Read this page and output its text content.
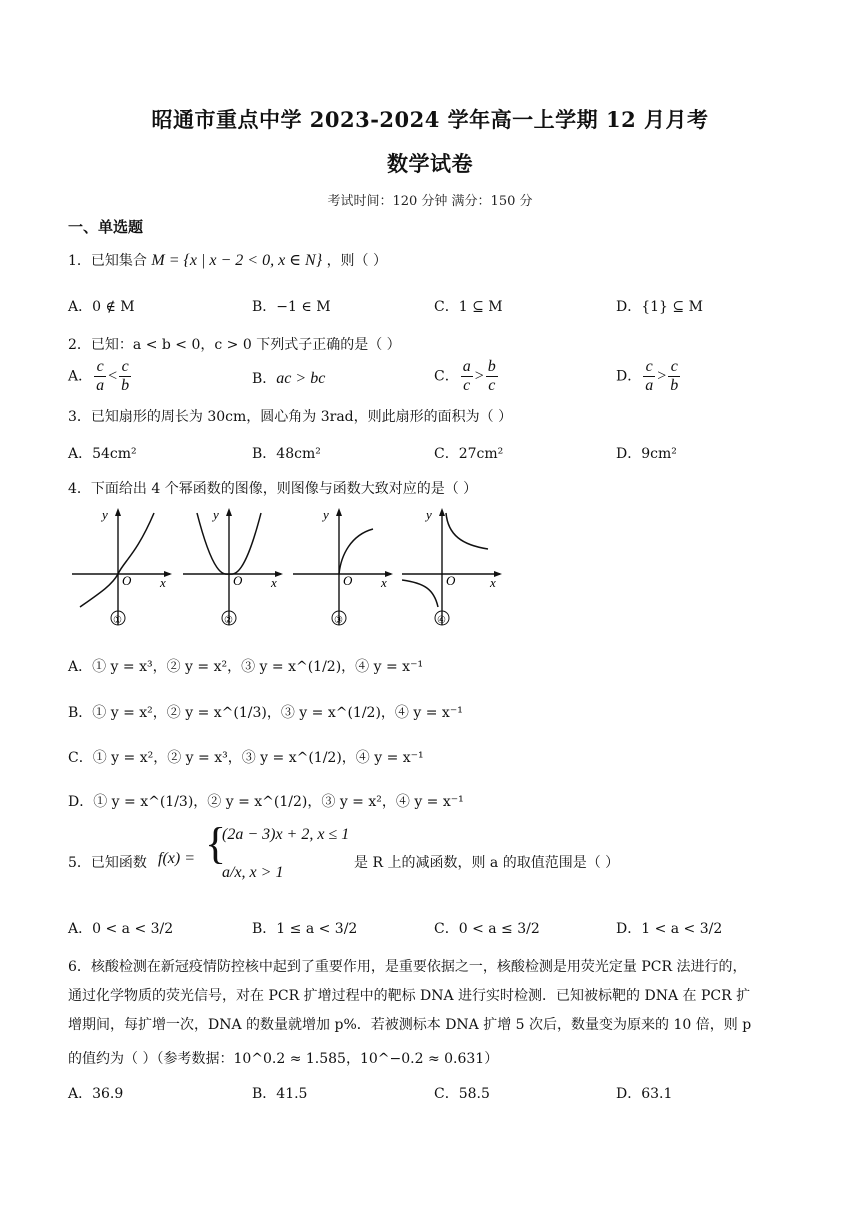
昭通市重点中学 2023-2024 学年高一上学期 12 月月考
数学试卷
考试时间：120 分钟 满分：150 分
一、单选题
1．已知集合 M = {x | x − 2 < 0, x ∈ N} ，则（ ）
A．0 ∉ M	B．−1 ∈ M	C．1 ⊆ M	D．{1} ⊆ M
2．已知：a < b < 0，c > 0 下列式子正确的是（ ）
A． $\frac{c}{a} < \frac{c}{b}$	B．ac > bc	C． $\frac{a}{c} > \frac{b}{c}$	D． $\frac{c}{a} > \frac{c}{b}$
3．已知扇形的周长为 30cm，圆心角为 3rad，则此扇形的面积为（ ）
A．54cm²	B．48cm²	C．27cm²	D．9cm²
4．下面给出 4 个幂函数的图像，则图像与函数大致对应的是（ ）
y
O x
①
y
O x
②
y
O x
③
y
O	x
④
A．① y = x³，② y = x²，③ y = x^(1/2)，④ y = x⁻¹
B．① y = x²，② y = x^(1/3)，③ y = x^(1/2)，④ y = x⁻¹
C．① y = x²，② y = x³，③ y = x^(1/2)，④ y = x⁻¹
D．① y = x^(1/3)，② y = x^(1/2)，③ y = x²，④ y = x⁻¹
5．已知函数 f(x) = {
(2a − 3)x + 2, x ≤ 1
a/x, x > 1
是 R 上的减函数，则 a 的取值范围是（ ）
A．0 < a < 3/2	B．1 ≤ a < 3/2	C．0 < a ≤ 3/2	D．1 < a < 3/2
6．核酸检测在新冠疫情防控核中起到了重要作用，是重要依据之一，核酸检测是用荧光定量 PCR 法进行的，
通过化学物质的荧光信号，对在 PCR 扩增过程中的靶标 DNA 进行实时检测．已知被标靶的 DNA 在 PCR 扩
增期间，每扩增一次，DNA 的数量就增加 p%．若被测标本 DNA 扩增 5 次后，数量变为原来的 10 倍，则 p
的值约为（ ）（参考数据：10^0.2 ≈ 1.585，10^−0.2 ≈ 0.631）
A．36.9	B．41.5	C．58.5	D．63.1
